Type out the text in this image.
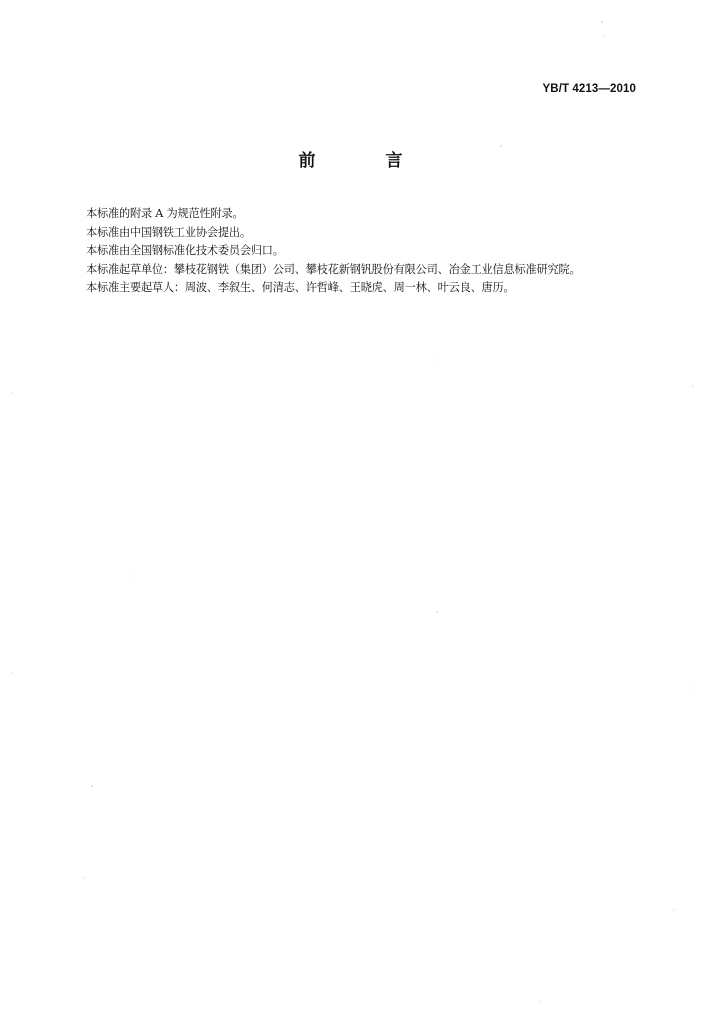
YB/T 4213—2010
前 言
本标准的附录 A 为规范性附录。
本标准由中国钢铁工业协会提出。
本标准由全国钢标准化技术委员会归口。
本标准起草单位：攀枝花钢铁（集团）公司、攀枝花新钢钒股份有限公司、冶金工业信息标准研究院。
本标准主要起草人：周波、李叙生、何清志、许哲峰、王晓虎、周一林、叶云良、唐历。
